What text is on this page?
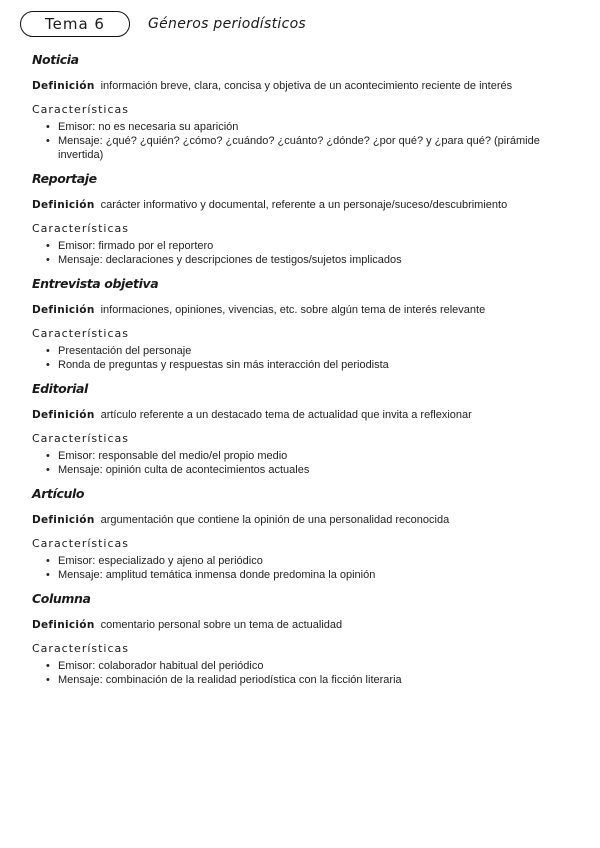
Tema 6	Géneros periodísticos
Noticia
Definición información breve, clara, concisa y objetiva de un acontecimiento reciente de interés
Características
• Emisor: no es necesaria su aparición
• Mensaje: ¿qué? ¿quién? ¿cómo? ¿cuándo? ¿cuánto? ¿dónde? ¿por qué? y ¿para qué? (pirámide invertida)
Reportaje
Definición carácter informativo y documental, referente a un personaje/suceso/descubrimiento
Características
• Emisor: firmado por el reportero
• Mensaje: declaraciones y descripciones de testigos/sujetos implicados
Entrevista objetiva
Definición informaciones, opiniones, vivencias, etc. sobre algún tema de interés relevante
Características
• Presentación del personaje
• Ronda de preguntas y respuestas sin más interacción del periodista
Editorial
Definición artículo referente a un destacado tema de actualidad que invita a reflexionar
Características
• Emisor: responsable del medio/el propio medio
• Mensaje: opinión culta de acontecimientos actuales
Artículo
Definición argumentación que contiene la opinión de una personalidad reconocida
Características
• Emisor: especializado y ajeno al periódico
• Mensaje: amplitud temática inmensa donde predomina la opinión
Columna
Definición comentario personal sobre un tema de actualidad
Características
• Emisor: colaborador habitual del periódico
• Mensaje: combinación de la realidad periodística con la ficción literaria
